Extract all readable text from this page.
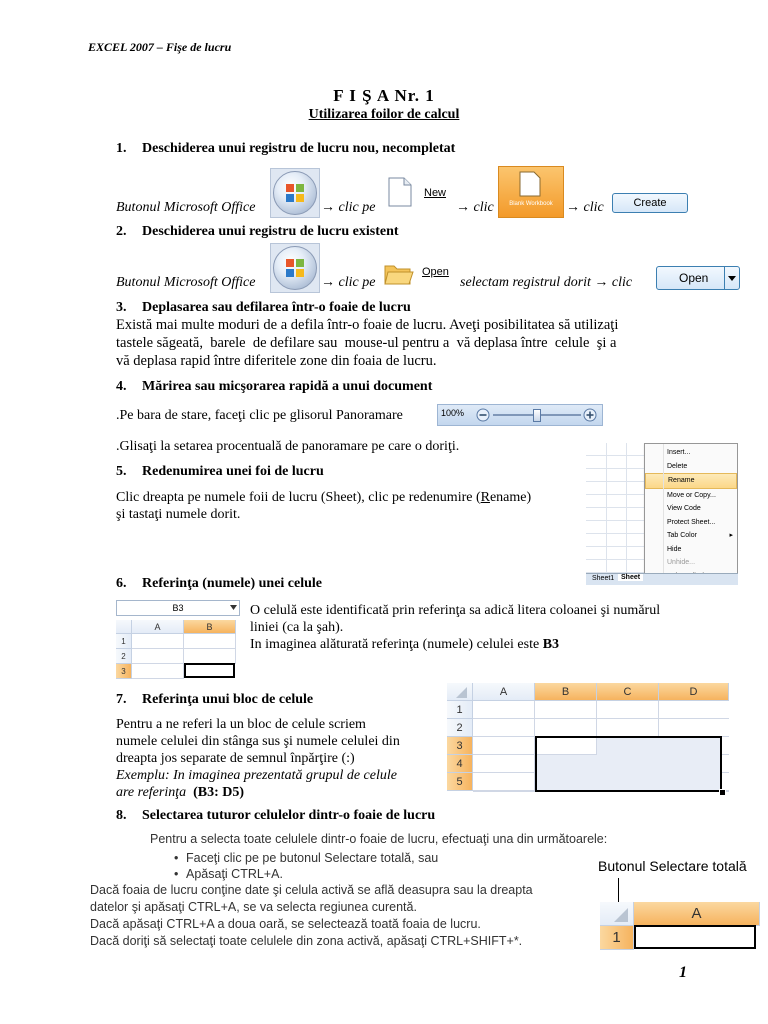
EXCEL 2007 – Fişe de lucru
F I Ş A Nr. 1
Utilizarea foilor de calcul
1. Deschiderea unui registru de lucru nou, necompletat
Butonul Microsoft Office	→ clic pe
New
→ clic	Blank Workbook → clic	Create
2. Deschiderea unui registru de lucru existent
Butonul Microsoft Office	→ clic pe
Open
selectam registrul dorit → clic	Open
3. Deplasarea sau defilarea într-o foaie de lucru
Există mai multe moduri de a defila într-o foaie de lucru. Aveţi posibilitatea să utilizaţi
tastele săgeată,  barele  de defilare sau  mouse-ul pentru a  vă deplasa între  celule  şi a
vă deplasa rapid între diferitele zone din foaia de lucru.
4. Mărirea sau micşorarea rapidă a unui document
.Pe bara de stare, faceţi clic pe glisorul Panoramare	100%
.Glisaţi la setarea procentuală de panoramare pe care o doriţi.
5. Redenumirea unei foi de lucru
Clic dreapta pe numele foii de lucru (Sheet), clic pe redenumire (Rename)
şi tastaţi numele dorit.
Insert...
Delete
Rename
Move or Copy...
View Code
Protect Sheet...
Tab Color	▸
Hide
Unhide...
Sheet1 Sheet
6. Referinţa (numele) unei celule
B3
A	B
1
2
3
O celulă este identificată prin referinţa sa adică litera coloanei şi numărul
liniei (ca la şah).
In imaginea alăturată referinţa (numele) celulei este B3
7. Referinţa unui bloc de celule
Pentru a ne referi la un bloc de celule scriem
numele celulei din stânga sus şi numele celulei din
dreapta jos separate de semnul înpărţire (:)
Exemplu: In imaginea prezentată grupul de celule
are referinţa (B3: D5)
A	B	C	D
1
2
3
4
5
8. Selectarea tuturor celulelor dintr-o foaie de lucru
Pentru a selecta toate celulele dintr-o foaie de lucru, efectuaţi una din următoarele:
• Faceţi clic pe pe butonul Selectare totală, sau
• Apăsaţi CTRL+A.
Dacă foaia de lucru conţine date şi celula activă se află deasupra sau la dreapta
datelor şi apăsaţi CTRL+A, se va selecta regiunea curentă.
Dacă apăsaţi CTRL+A a doua oară, se selectează toată foaia de lucru.
Dacă doriţi să selectaţi toate celulele din zona activă, apăsaţi CTRL+SHIFT+*.
Butonul Selectare totală
A
1
1
